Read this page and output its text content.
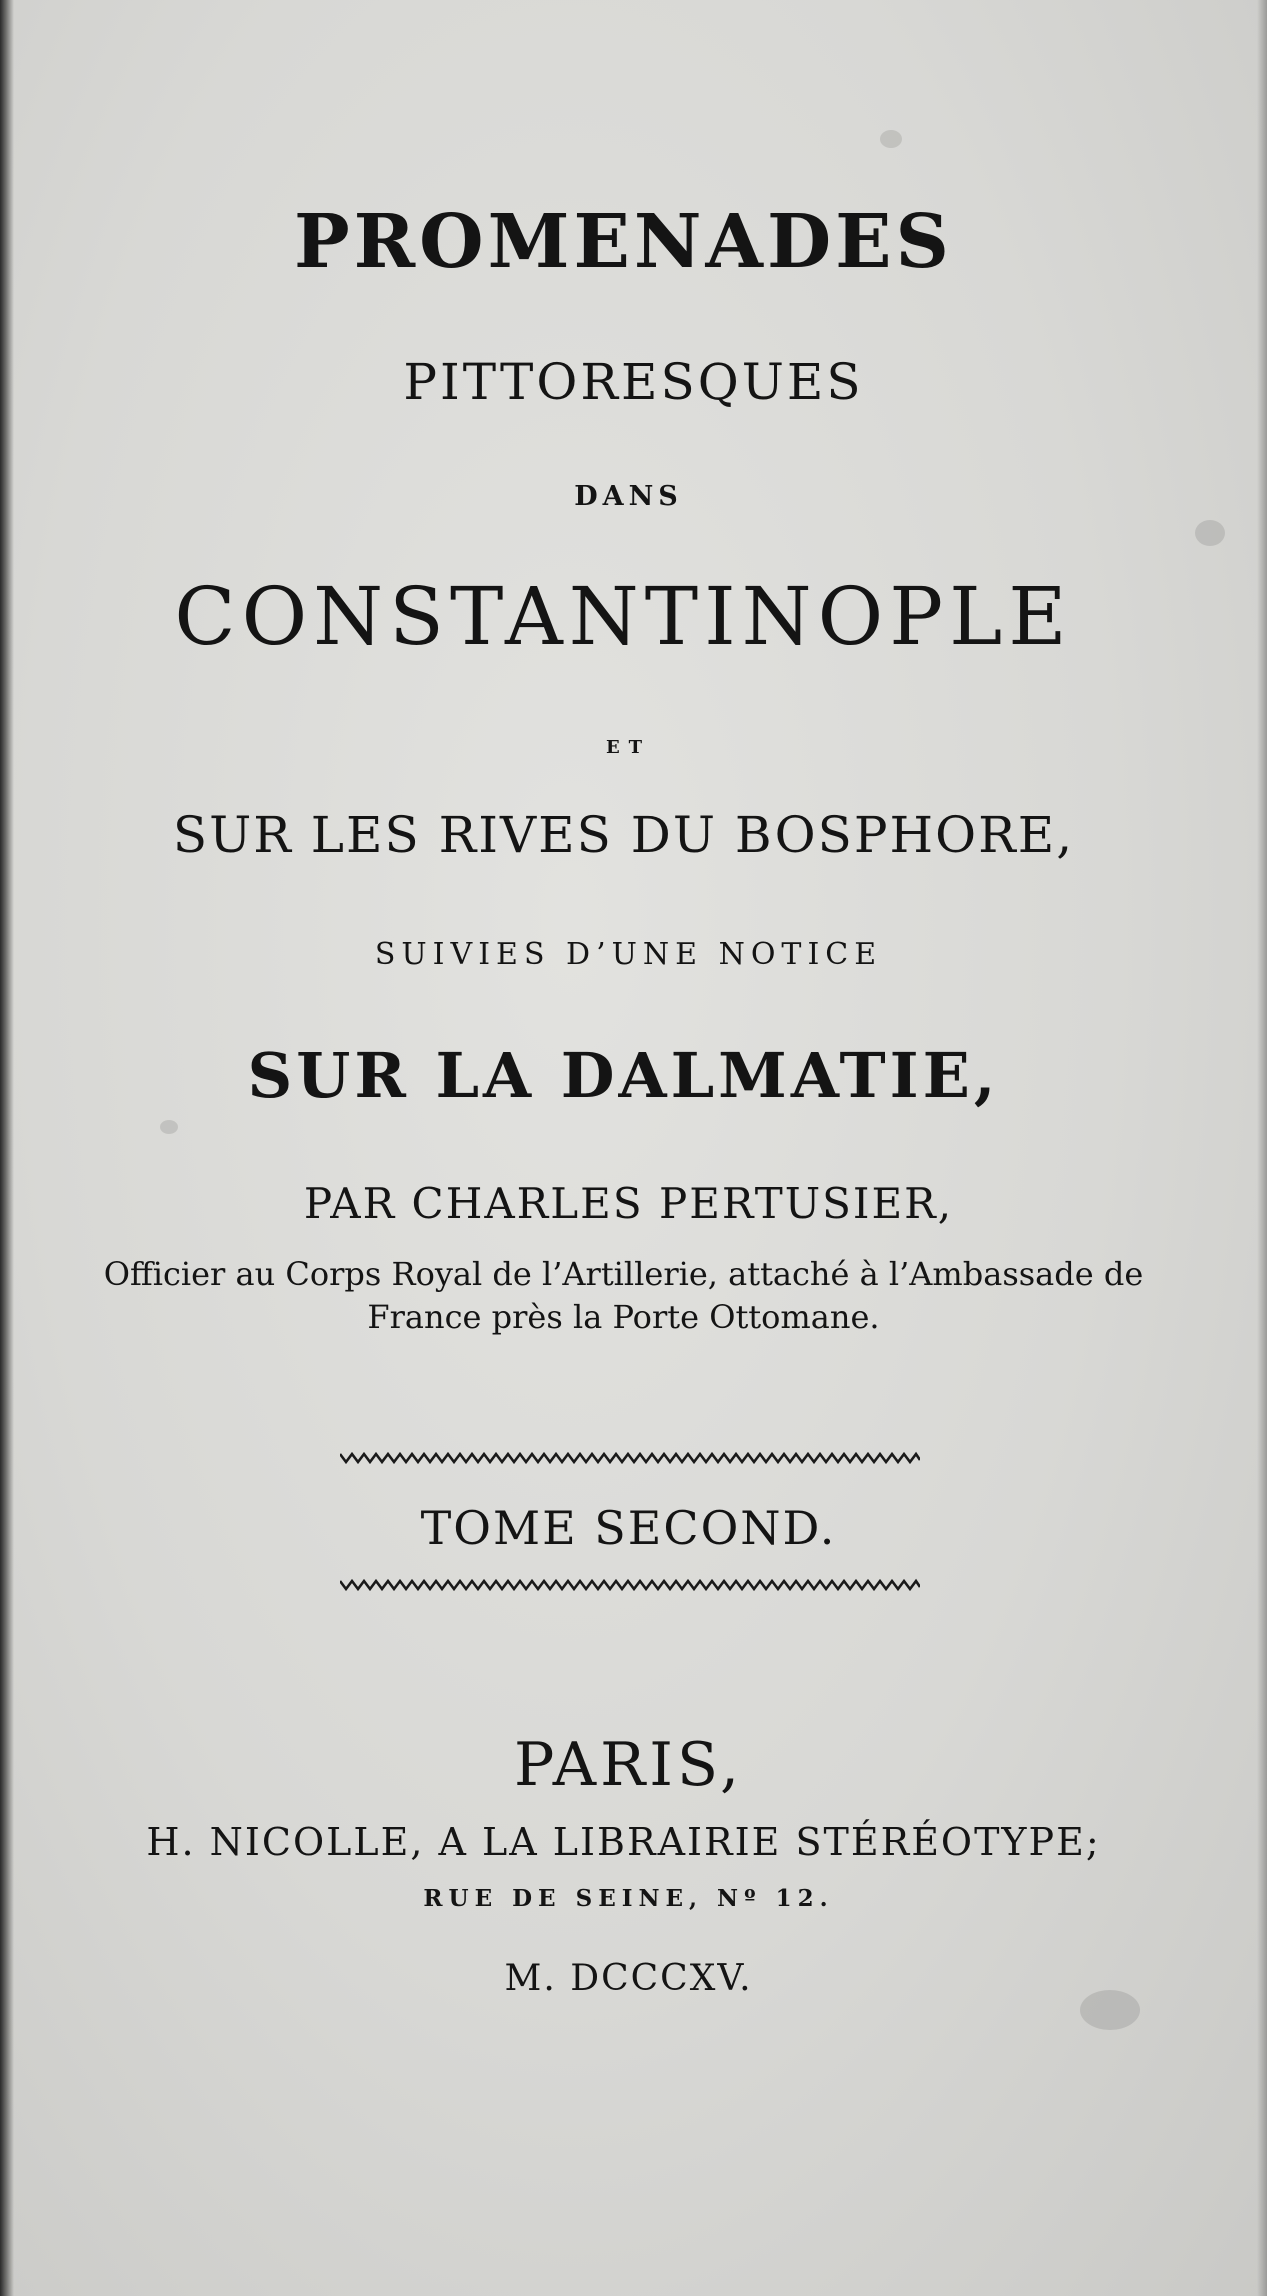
PROMENADES
PITTORESQUES
DANS
CONSTANTINOPLE
ET
SUR LES RIVES DU BOSPHORE,
SUIVIES D’UNE NOTICE
SUR LA DALMATIE,
PAR CHARLES PERTUSIER,
Officier au Corps Royal de l’Artillerie, attaché à l’Ambassade de
France près la Porte Ottomane.
TOME SECOND.
PARIS,
H. NICOLLE, A LA LIBRAIRIE STÉRÉOTYPE;
RUE DE SEINE, Nº 12.
M. DCCCXV.
